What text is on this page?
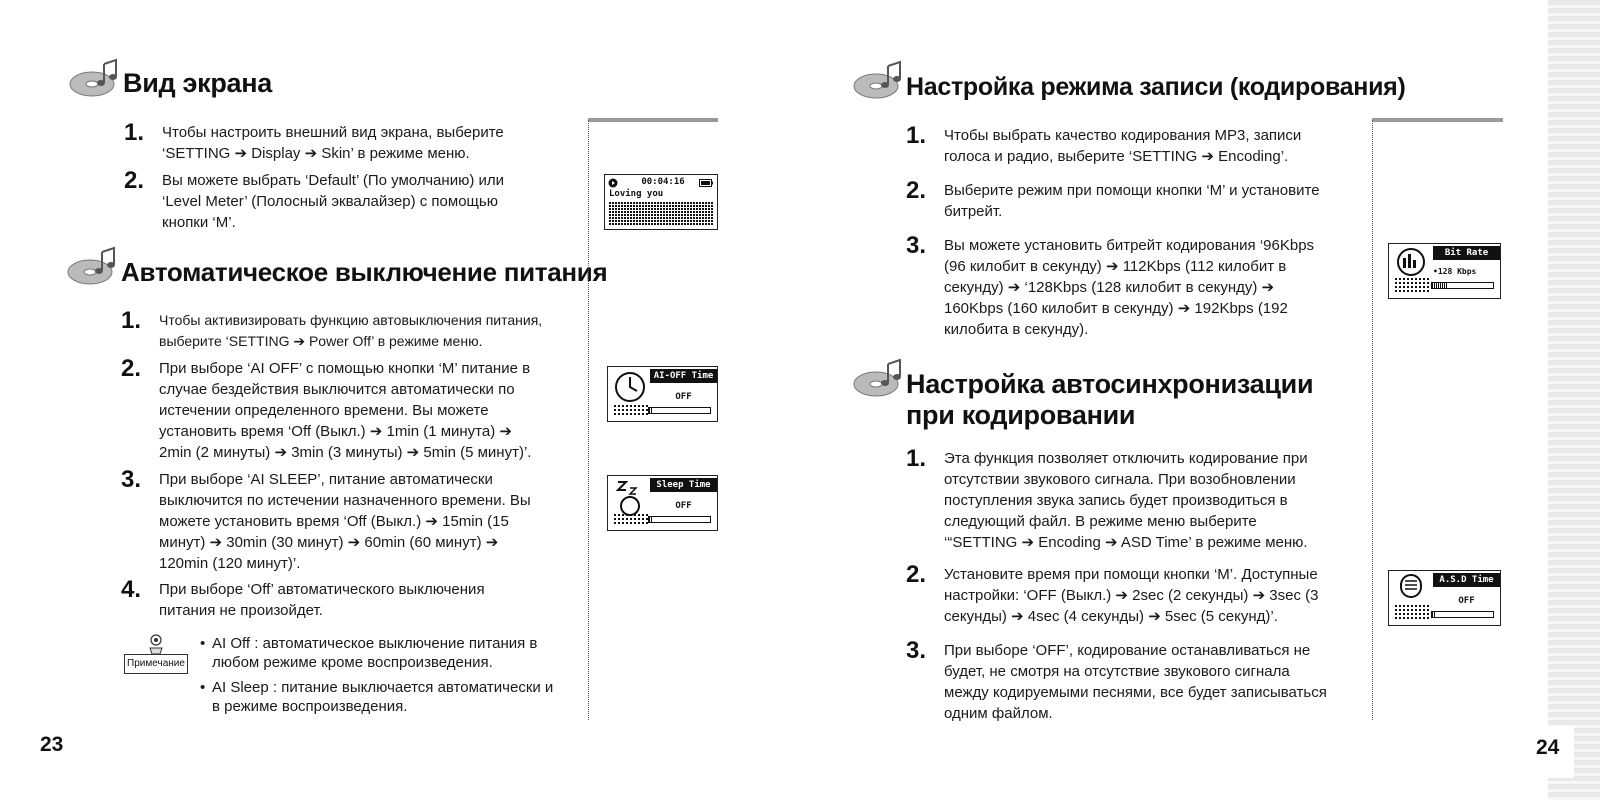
Вид экрана
1. Чтобы настроить внешний вид экрана, выберите
‘SETTING ➔ Display ➔ Skin’ в режиме меню.
2. Вы можете выбрать ‘Default’ (По умолчанию) или
‘Level Meter’ (Полосный эквалайзер) с помощью
кнопки ‘M’.
Автоматическое выключение питания
1. Чтобы активизировать функцию автовыключения питания,
выберите ‘SETTING ➔ Power Off’ в режиме меню.
2. При выборе ‘AI OFF’ с помощью кнопки ‘M’ питание в
случае бездействия выключится автоматически по
истечении определенного времени. Вы можете
установить время ‘Off (Выкл.) ➔ 1min (1 минута) ➔
2min (2 минуты) ➔ 3min (3 минуты) ➔ 5min (5 минут)’.
3. При выборе ‘AI SLEEP’, питание автоматически
выключится по истечении назначенного времени. Вы
можете установить время ‘Off (Выкл.) ➔ 15min (15
минут) ➔ 30min (30 минут) ➔ 60min (60 минут) ➔
120min (120 минут)’.
4. При выборе ‘Off’ автоматического выключения
питания не произойдет.
Примечание
• AI Off : автоматическое выключение питания в
любом режиме кроме воспроизведения.
• AI Sleep : питание выключается автоматически и
в режиме воспроизведения.
00:04:16
Loving you
AI-OFF Time
OFF
Sleep Time
OFF
23
Настройка режима записи (кодирования)
1. Чтобы выбрать качество кодирования MP3, записи
голоса и радио, выберите ‘SETTING ➔ Encoding’.
2. Выберите режим при помощи кнопки ‘M’ и установите
битрейт.
3. Вы можете установить битрейт кодирования ‘96Kbps
(96 килобит в секунду) ➔ 112Kbps (112 килобит в
секунду) ➔ ‘128Kbps (128 килобит в секунду) ➔
160Kbps (160 килобит в секунду) ➔ 192Kbps (192
килобита в секунду).
Настройка автосинхронизации
при кодировании
1. Эта функция позволяет отключить кодирование при
отсутствии звукового сигнала. При возобновлении
поступления звука запись будет производиться в
следующий файл. В режиме меню выберите
‘“SETTING ➔ Encoding ➔ ASD Time’ в режиме меню.
2. Установите время при помощи кнопки ‘M’. Доступные
настройки: ‘OFF (Выкл.) ➔ 2sec (2 секунды) ➔ 3sec (3
секунды) ➔ 4sec (4 секунды) ➔ 5sec (5 секунд)’.
3. При выборе ‘OFF’, кодирование останавливаться не
будет, не смотря на отсутствие звукового сигнала
между кодируемыми песнями, все будет записываться
одним файлом.
Bit Rate
•128 Kbps
A.S.D Time
OFF
24
